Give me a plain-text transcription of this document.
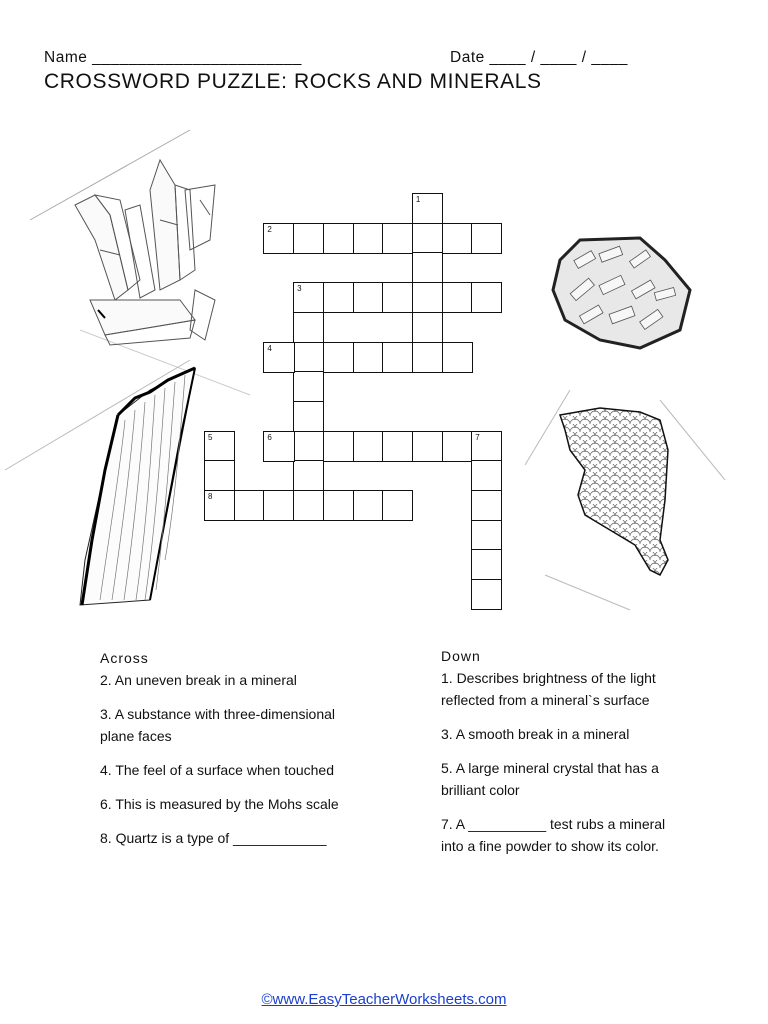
Name _______________________	Date ____ / ____ / ____
CROSSWORD PUZZLE: ROCKS AND MINERALS
2
1
3
4
6	7
5
8
Across
2. An uneven break in a mineral
3. A substance with three-dimensional plane faces
4. The feel of a surface when touched
6. This is measured by the Mohs scale
8. Quartz is a type of ____________
Down
1. Describes brightness of the light reflected from a mineral`s surface
3. A smooth break in a mineral
5. A large mineral crystal that has a brilliant color
7. A __________ test rubs a mineral into a fine powder to show its color.
©www.EasyTeacherWorksheets.com
